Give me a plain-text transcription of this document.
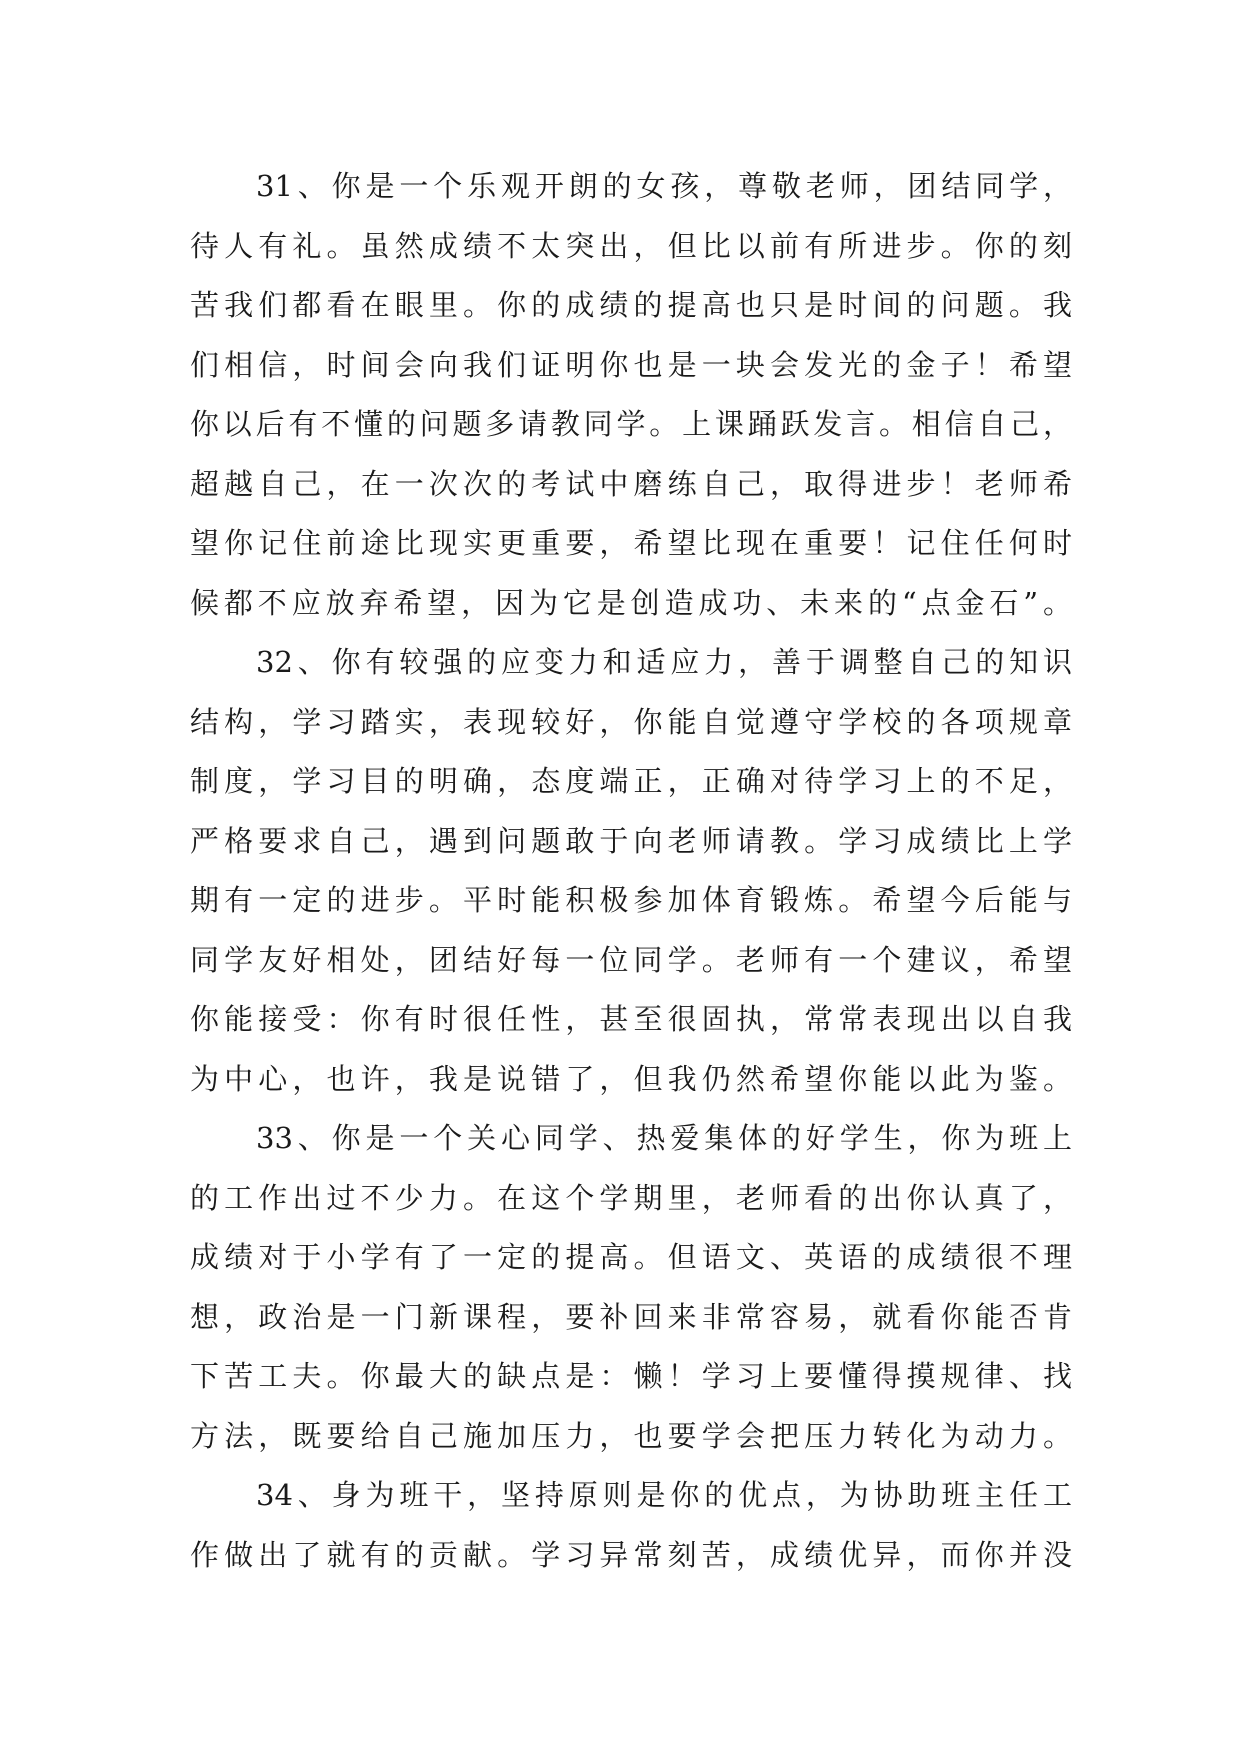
31、你是一个乐观开朗的女孩，尊敬老师，团结同学，
待人有礼。虽然成绩不太突出，但比以前有所进步。你的刻
苦我们都看在眼里。你的成绩的提高也只是时间的问题。我
们相信，时间会向我们证明你也是一块会发光的金子！希望
你以后有不懂的问题多请教同学。上课踊跃发言。相信自己，
超越自己，在一次次的考试中磨练自己，取得进步！老师希
望你记住前途比现实更重要，希望比现在重要！记住任何时
候都不应放弃希望，因为它是创造成功、未来的“点金石”。
32、你有较强的应变力和适应力，善于调整自己的知识
结构，学习踏实，表现较好，你能自觉遵守学校的各项规章
制度，学习目的明确，态度端正，正确对待学习上的不足，
严格要求自己，遇到问题敢于向老师请教。学习成绩比上学
期有一定的进步。平时能积极参加体育锻炼。希望今后能与
同学友好相处，团结好每一位同学。老师有一个建议，希望
你能接受：你有时很任性，甚至很固执，常常表现出以自我
为中心，也许，我是说错了，但我仍然希望你能以此为鉴。
33、你是一个关心同学、热爱集体的好学生，你为班上
的工作出过不少力。在这个学期里，老师看的出你认真了，
成绩对于小学有了一定的提高。但语文、英语的成绩很不理
想，政治是一门新课程，要补回来非常容易，就看你能否肯
下苦工夫。你最大的缺点是：懒！学习上要懂得摸规律、找
方法，既要给自己施加压力，也要学会把压力转化为动力。
34、身为班干，坚持原则是你的优点，为协助班主任工
作做出了就有的贡献。学习异常刻苦，成绩优异，而你并没
